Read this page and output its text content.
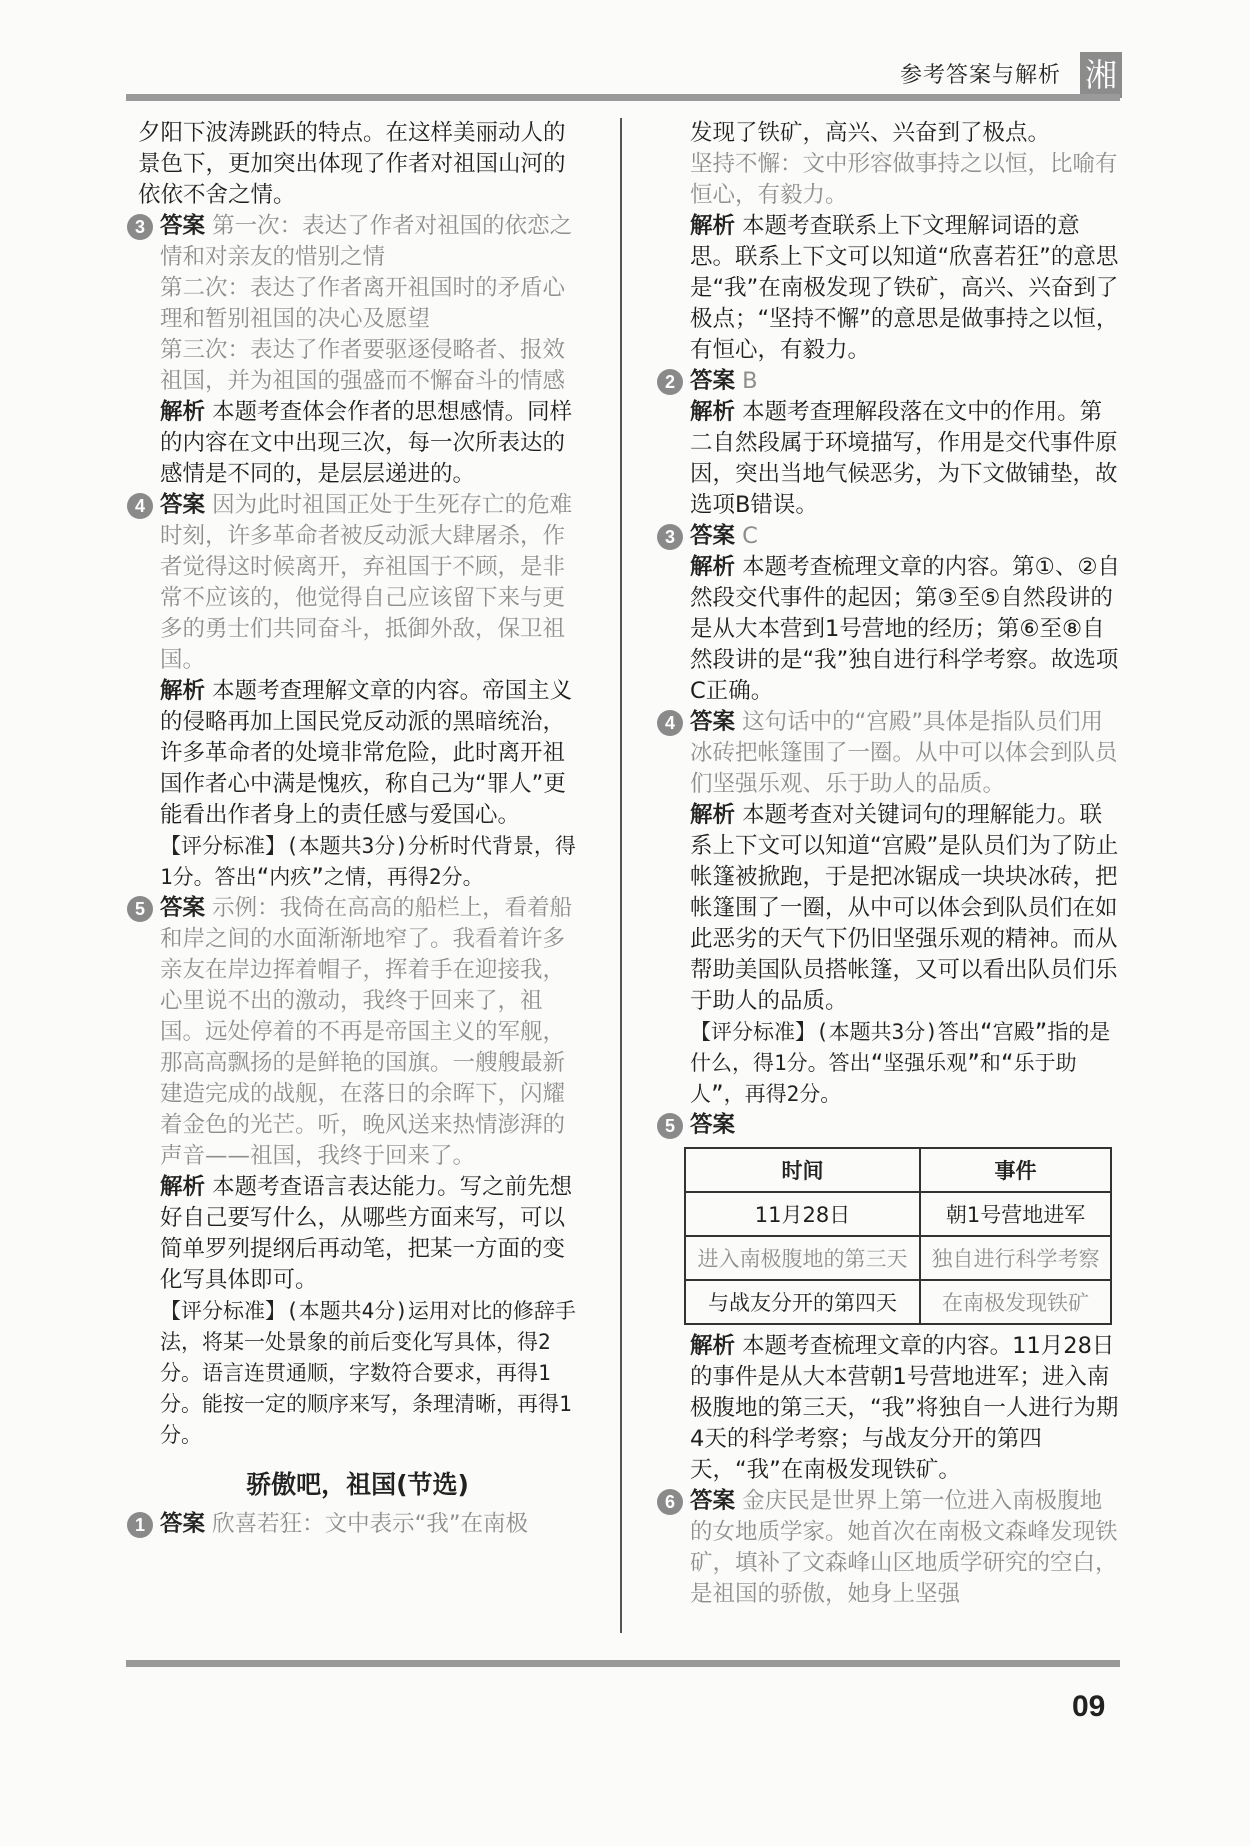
参考答案与解析 湘

夕阳下波涛跳跃的特点。在这样美丽动人的景色下，更加突出体现了作者对祖国山河的依依不舍之情。

3 答案 第一次：表达了作者对祖国的依恋之情和对亲友的惜别之情

第二次：表达了作者离开祖国时的矛盾心理和暂别祖国的决心及愿望

第三次：表达了作者要驱逐侵略者、报效祖国，并为祖国的强盛而不懈奋斗的情感

解析 本题考查体会作者的思想感情。同样的内容在文中出现三次，每一次所表达的感情是不同的，是层层递进的。

4 答案 因为此时祖国正处于生死存亡的危难时刻，许多革命者被反动派大肆屠杀，作者觉得这时候离开，弃祖国于不顾，是非常不应该的，他觉得自己应该留下来与更多的勇士们共同奋斗，抵御外敌，保卫祖国。

解析 本题考查理解文章的内容。帝国主义的侵略再加上国民党反动派的黑暗统治，许多革命者的处境非常危险，此时离开祖国作者心中满是愧疚，称自己为“罪人”更能看出作者身上的责任感与爱国心。

【评分标准】(本题共3分)分析时代背景，得1分。答出“内疚”之情，再得2分。

5 答案 示例：我倚在高高的船栏上，看着船和岸之间的水面渐渐地窄了。我看着许多亲友在岸边挥着帽子，挥着手在迎接我，心里说不出的激动，我终于回来了，祖国。远处停着的不再是帝国主义的军舰，那高高飘扬的是鲜艳的国旗。一艘艘最新建造完成的战舰，在落日的余晖下，闪耀着金色的光芒。听，晚风送来热情澎湃的声音——祖国，我终于回来了。

解析 本题考查语言表达能力。写之前先想好自己要写什么，从哪些方面来写，可以简单罗列提纲后再动笔，把某一方面的变化写具体即可。

【评分标准】(本题共4分)运用对比的修辞手法，将某一处景象的前后变化写具体，得2分。语言连贯通顺，字数符合要求，再得1分。能按一定的顺序来写，条理清晰，再得1分。

骄傲吧，祖国(节选)
1 答案 欣喜若狂：文中表示“我”在南极

发现了铁矿，高兴、兴奋到了极点。

坚持不懈：文中形容做事持之以恒，比喻有恒心，有毅力。

解析 本题考查联系上下文理解词语的意思。联系上下文可以知道“欣喜若狂”的意思是“我”在南极发现了铁矿，高兴、兴奋到了极点；“坚持不懈”的意思是做事持之以恒，有恒心，有毅力。

2 答案 B

解析 本题考查理解段落在文中的作用。第二自然段属于环境描写，作用是交代事件原因，突出当地气候恶劣，为下文做铺垫，故选项B错误。

3 答案 C

解析 本题考查梳理文章的内容。第①、②自然段交代事件的起因；第③至⑤自然段讲的是从大本营到1号营地的经历；第⑥至⑧自然段讲的是“我”独自进行科学考察。故选项C正确。

4 答案 这句话中的“宫殿”具体是指队员们用冰砖把帐篷围了一圈。从中可以体会到队员们坚强乐观、乐于助人的品质。

解析 本题考查对关键词句的理解能力。联系上下文可以知道“宫殿”是队员们为了防止帐篷被掀跑，于是把冰锯成一块块冰砖，把帐篷围了一圈，从中可以体会到队员们在如此恶劣的天气下仍旧坚强乐观的精神。而从帮助美国队员搭帐篷，又可以看出队员们乐于助人的品质。

【评分标准】(本题共3分)答出“宫殿”指的是什么，得1分。答出“坚强乐观”和“乐于助人”，再得2分。

5 答案

时间	事件
11月28日	朝1号营地进军
进入南极腹地的第三天	独自进行科学考察
与战友分开的第四天	在南极发现铁矿

解析 本题考查梳理文章的内容。11月28日的事件是从大本营朝1号营地进军；进入南极腹地的第三天，“我”将独自一人进行为期4天的科学考察；与战友分开的第四天，“我”在南极发现铁矿。

6 答案 金庆民是世界上第一位进入南极腹地的女地质学家。她首次在南极文森峰发现铁矿，填补了文森峰山区地质学研究的空白，是祖国的骄傲，她身上坚强

09
